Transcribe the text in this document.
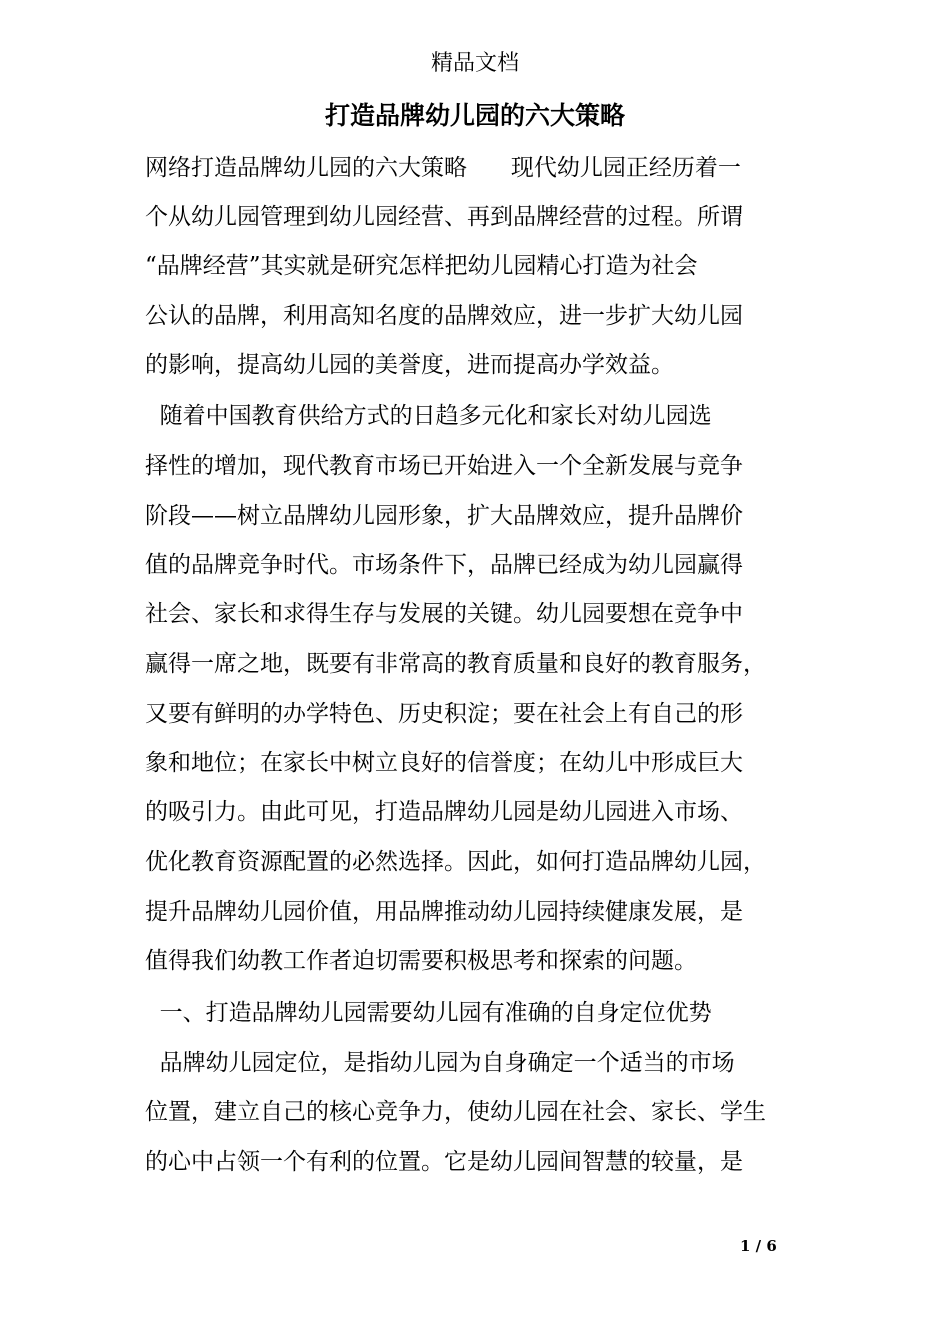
精品文档
打造品牌幼儿园的六大策略
网络打造品牌幼儿园的六大策略      现代幼儿园正经历着一
个从幼儿园管理到幼儿园经营、再到品牌经营的过程。所谓
“品牌经营”其实就是研究怎样把幼儿园精心打造为社会
公认的品牌，利用高知名度的品牌效应，进一步扩大幼儿园
的影响，提高幼儿园的美誉度，进而提高办学效益。
随着中国教育供给方式的日趋多元化和家长对幼儿园选
择性的增加，现代教育市场已开始进入一个全新发展与竞争
阶段——树立品牌幼儿园形象，扩大品牌效应，提升品牌价
值的品牌竞争时代。市场条件下，品牌已经成为幼儿园赢得
社会、家长和求得生存与发展的关键。幼儿园要想在竞争中
赢得一席之地，既要有非常高的教育质量和良好的教育服务，
又要有鲜明的办学特色、历史积淀；要在社会上有自己的形
象和地位；在家长中树立良好的信誉度；在幼儿中形成巨大
的吸引力。由此可见，打造品牌幼儿园是幼儿园进入市场、
优化教育资源配置的必然选择。因此，如何打造品牌幼儿园，
提升品牌幼儿园价值，用品牌推动幼儿园持续健康发展，是
值得我们幼教工作者迫切需要积极思考和探索的问题。
一、打造品牌幼儿园需要幼儿园有准确的自身定位优势
品牌幼儿园定位，是指幼儿园为自身确定一个适当的市场
位置，建立自己的核心竞争力，使幼儿园在社会、家长、学生
的心中占领一个有利的位置。它是幼儿园间智慧的较量，是
1 / 6
